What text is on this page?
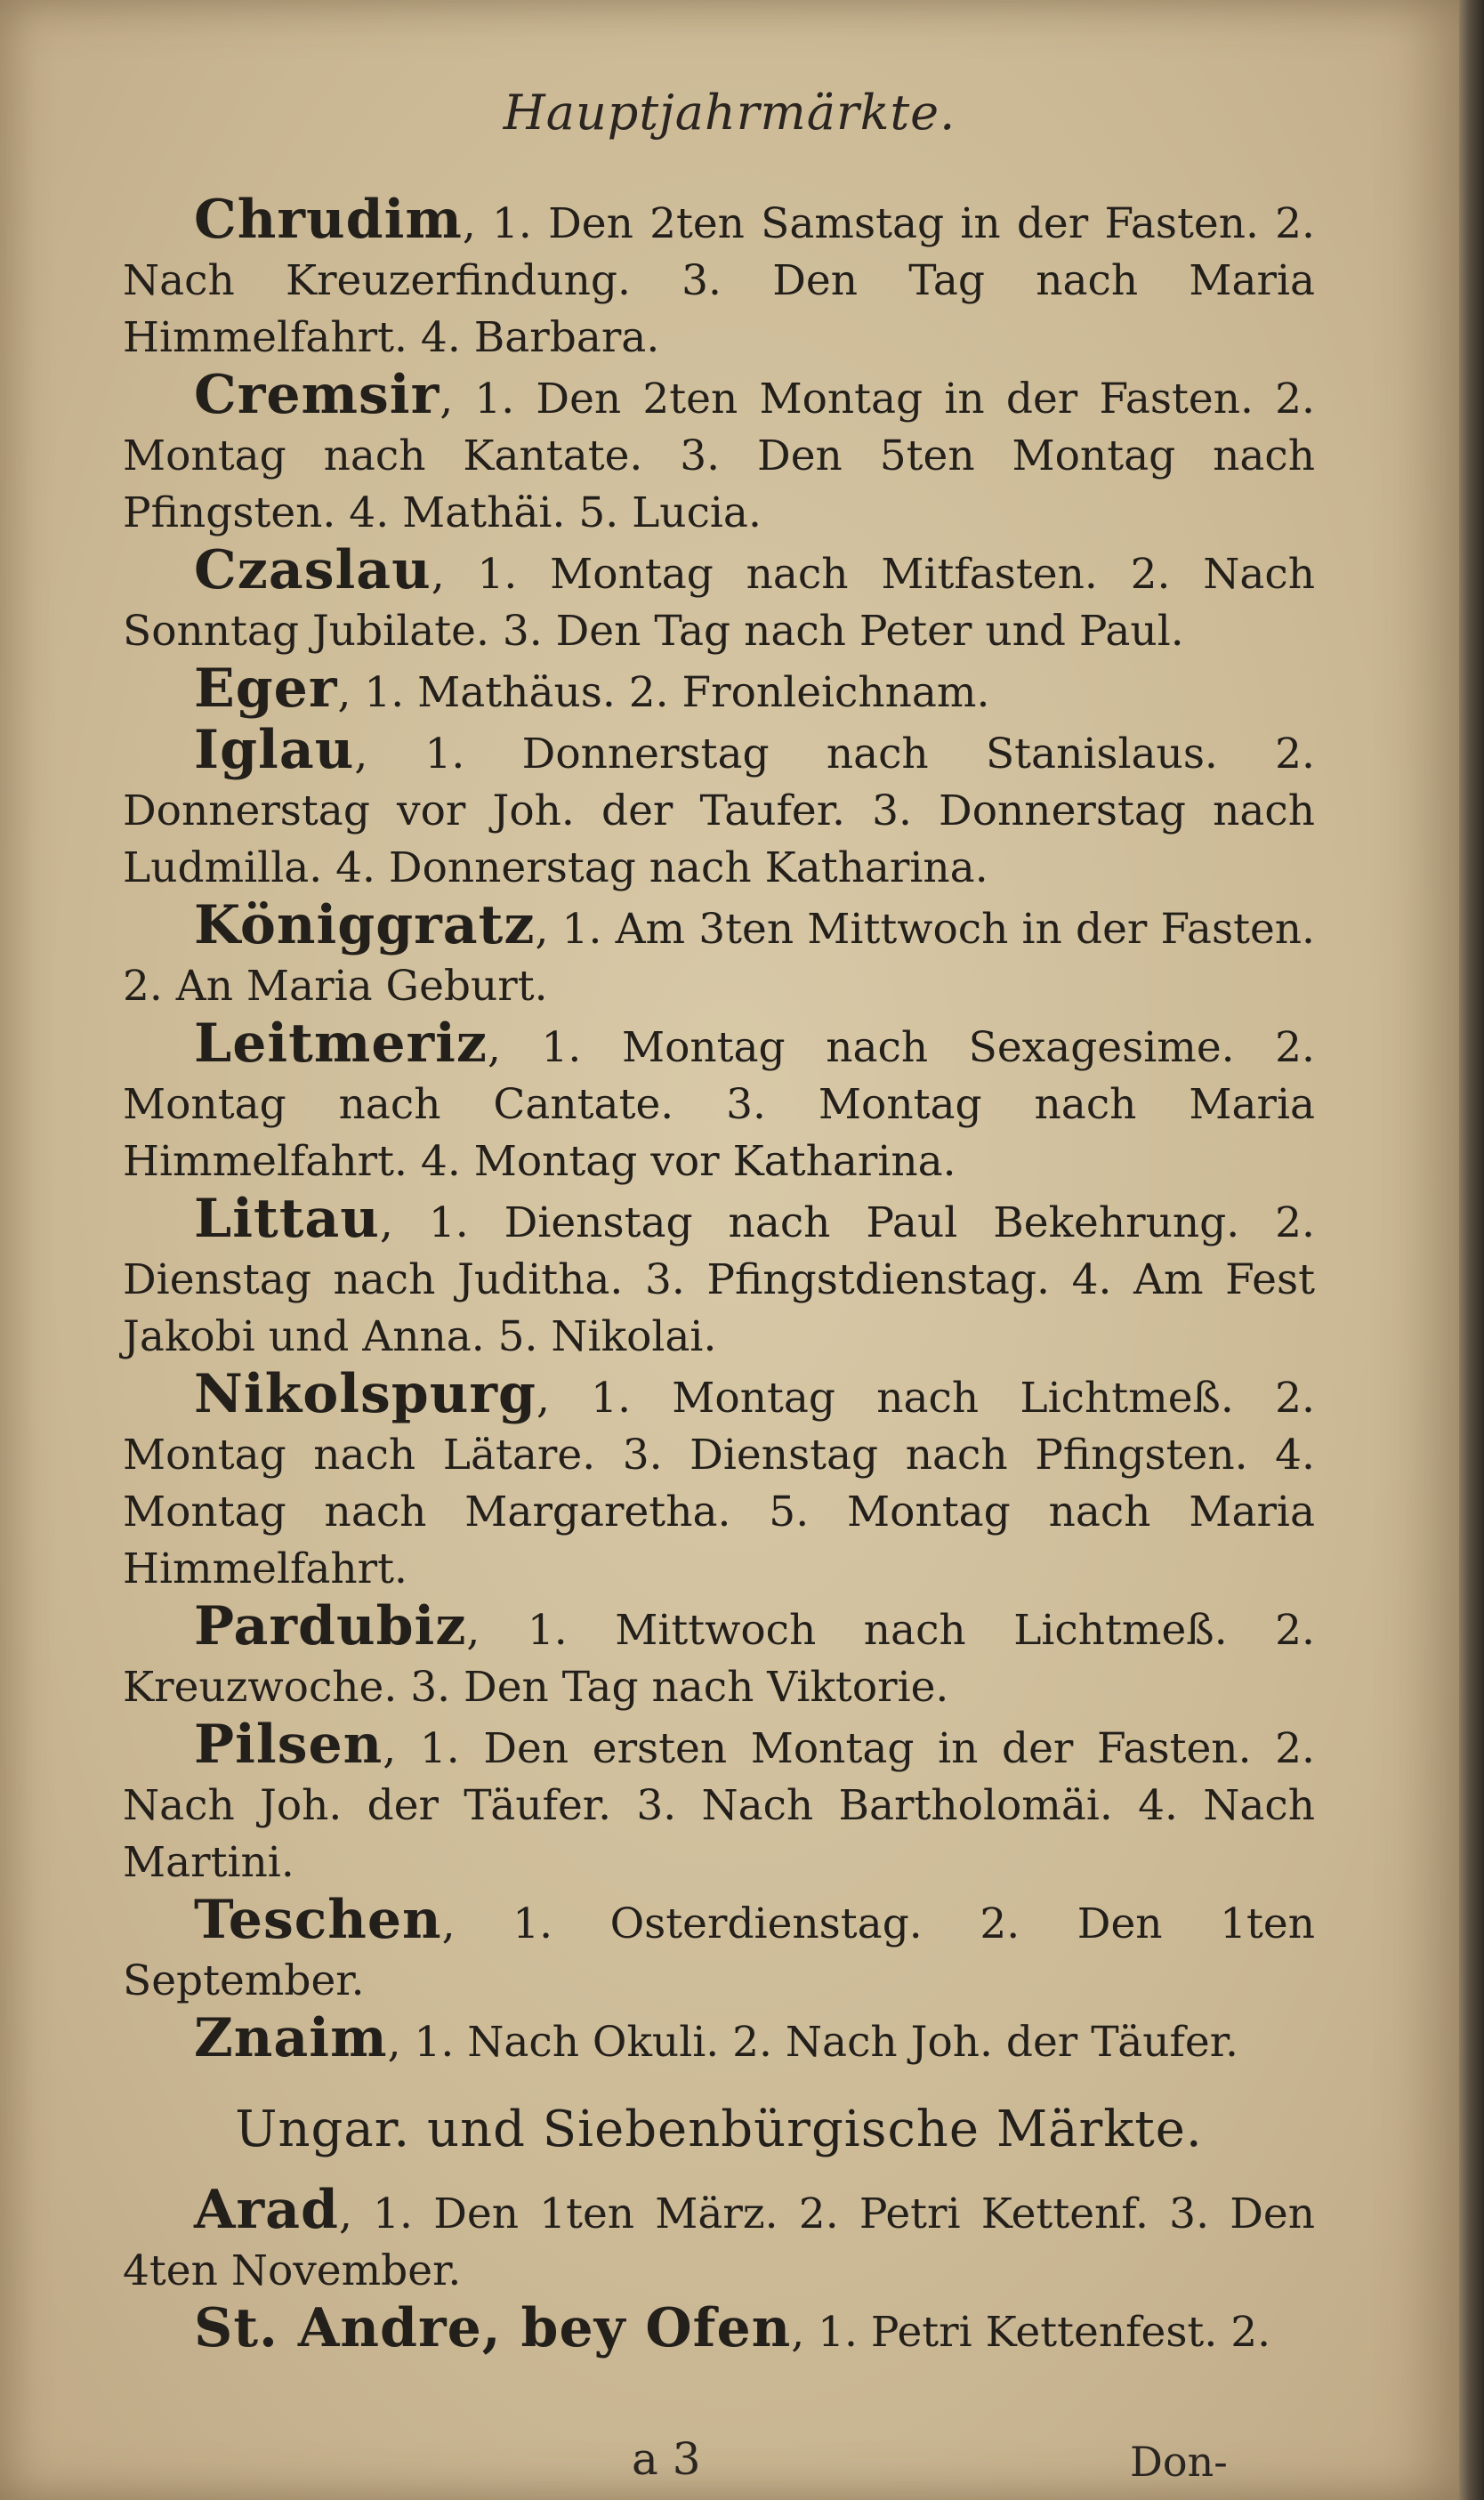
Hauptjahrmärkte.

Chrudim, 1. Den 2ten Samstag in der Fasten. 2. Nach Kreuzerfindung. 3. Den Tag nach Maria Himmelfahrt. 4. Barbara.

Cremsir, 1. Den 2ten Montag in der Fasten. 2. Montag nach Kantate. 3. Den 5ten Montag nach Pfingsten. 4. Mathäi. 5. Lucia.

Czaslau, 1. Montag nach Mitfasten. 2. Nach Sonntag Jubilate. 3. Den Tag nach Peter und Paul.

Eger, 1. Mathäus. 2. Fronleichnam.

Iglau, 1. Donnerstag nach Stanislaus. 2. Donnerstag vor Joh. der Taufer. 3. Donnerstag nach Ludmilla. 4. Donnerstag nach Katharina.

Königgratz, 1. Am 3ten Mittwoch in der Fasten. 2. An Maria Geburt.

Leitmeriz, 1. Montag nach Sexagesime. 2. Montag nach Cantate. 3. Montag nach Maria Himmelfahrt. 4. Montag vor Katharina.

Littau, 1. Dienstag nach Paul Bekehrung. 2. Dienstag nach Juditha. 3. Pfingstdienstag. 4. Am Fest Jakobi und Anna. 5. Nikolai.

Nikolspurg, 1. Montag nach Lichtmeß. 2. Montag nach Lätare. 3. Dienstag nach Pfingsten. 4. Montag nach Margaretha. 5. Montag nach Maria Himmelfahrt.

Pardubiz, 1. Mittwoch nach Lichtmeß. 2. Kreuzwoche. 3. Den Tag nach Viktorie.

Pilsen, 1. Den ersten Montag in der Fasten. 2. Nach Joh. der Täufer. 3. Nach Bartholomäi. 4. Nach Martini.

Teschen, 1. Osterdienstag. 2. Den 1ten September.

Znaim, 1. Nach Okuli. 2. Nach Joh. der Täufer.

Ungar. und Siebenbürgische Märkte.

Arad, 1. Den 1ten März. 2. Petri Kettenf. 3. Den 4ten November.

St. Andre, bey Ofen, 1. Petri Kettenfest. 2.

a 3	Don-
